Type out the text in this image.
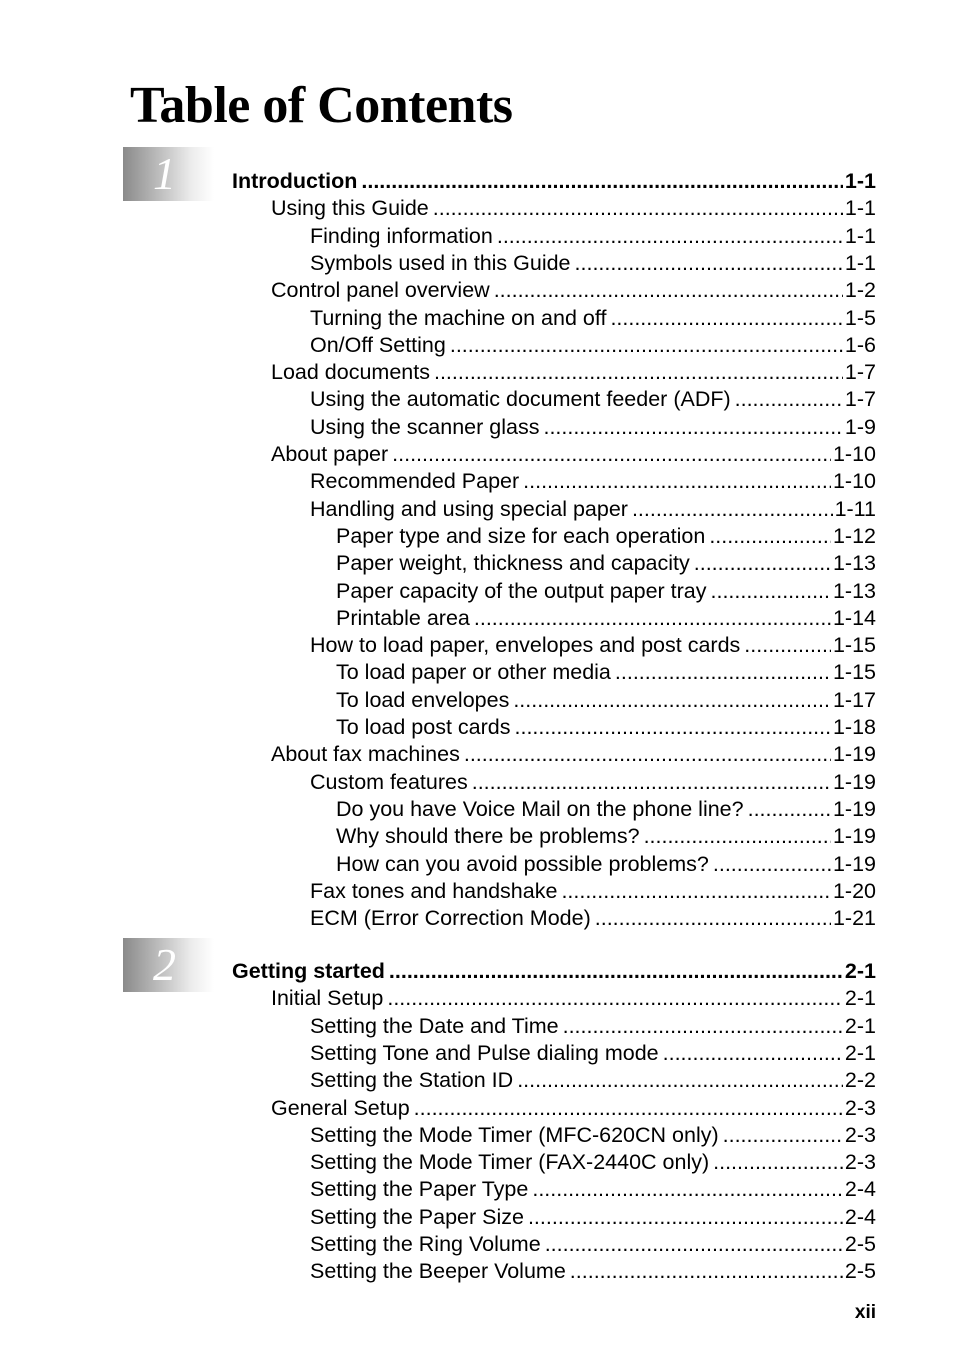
Table of Contents
1	Introduction .....	1-1
Using this Guide .....	1-1
Finding information .....	1-1
Symbols used in this Guide .....	1-1
Control panel overview .....	1-2
Turning the machine on and off .....	1-5
On/Off Setting .....	1-6
Load documents .....	1-7
Using the automatic document feeder (ADF) .....	1-7
Using the scanner glass .....	1-9
About paper .....	1-10
Recommended Paper .....	1-10
Handling and using special paper .....	1-11
Paper type and size for each operation .....	1-12
Paper weight, thickness and capacity .....	1-13
Paper capacity of the output paper tray .....	1-13
Printable area .....	1-14
How to load paper, envelopes and post cards .....	1-15
To load paper or other media .....	1-15
To load envelopes .....	1-17
To load post cards .....	1-18
About fax machines .....	1-19
Custom features .....	1-19
Do you have Voice Mail on the phone line? .....	1-19
Why should there be problems? .....	1-19
How can you avoid possible problems? .....	1-19
Fax tones and handshake .....	1-20
ECM (Error Correction Mode) .....	1-21
2	Getting started .....	2-1
Initial Setup .....	2-1
Setting the Date and Time .....	2-1
Setting Tone and Pulse dialing mode .....	2-1
Setting the Station ID .....	2-2
General Setup .....	2-3
Setting the Mode Timer (MFC-620CN only) .....	2-3
Setting the Mode Timer (FAX-2440C only) .....	2-3
Setting the Paper Type .....	2-4
Setting the Paper Size .....	2-4
Setting the Ring Volume .....	2-5
Setting the Beeper Volume .....	2-5
xii
